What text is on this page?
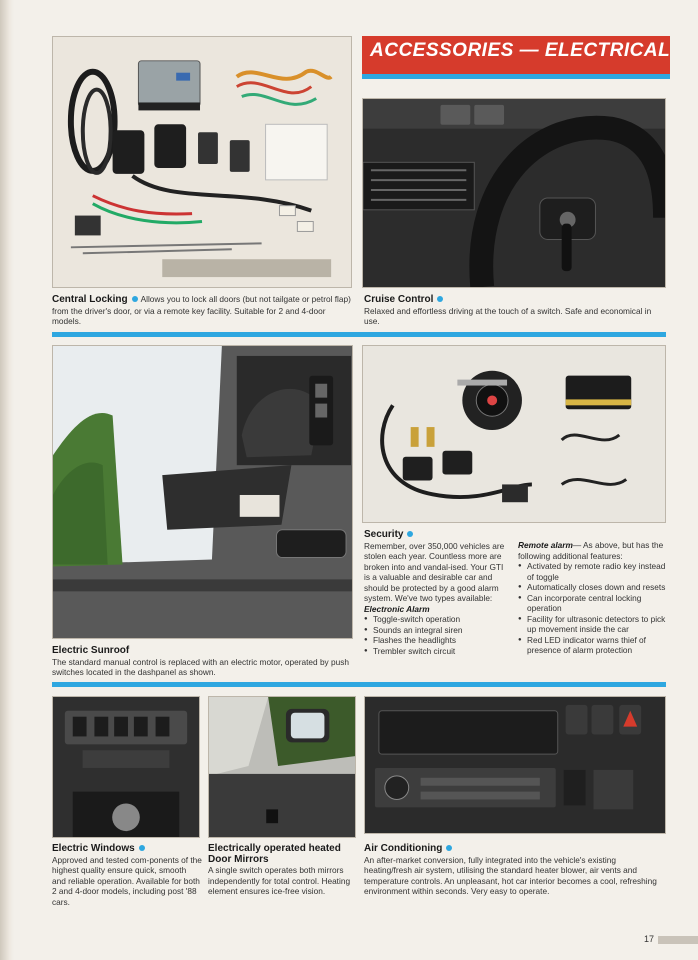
ACCESSORIES — ELECTRICAL
Central Locking Allows you to lock all doors (but not tailgate or petrol flap) from the driver's door, or via a remote key facility. Suitable for 2 and 4-door models.
Cruise Control
Relaxed and effortless driving at the touch of a switch. Safe and economical in use.
Security
Remember, over 350,000 vehicles are stolen each year. Countless more are broken into and vandal-ised. Your GTI is a valuable and desirable car and should be protected by a good alarm system. We've two types available:
Electronic Alarm
● Toggle-switch operation
● Sounds an integral siren
● Flashes the headlights
● Trembler switch circuit
Remote alarm— As above, but has the following additional features:
● Activated by remote radio key instead of toggle
● Automatically closes down and resets
● Can incorporate central locking operation
● Facility for ultrasonic detectors to pick up movement inside the car
● Red LED indicator warns thief of presence of alarm protection
Electric Sunroof
The standard manual control is replaced with an electric motor, operated by push switches located in the dashpanel as shown.
Electric Windows
Approved and tested com-ponents of the highest quality ensure quick, smooth and reliable operation. Available for both 2 and 4-door models, including post '88 cars.
Electrically operated heated Door Mirrors
A single switch operates both mirrors independently for total control. Heating element ensures ice-free vision.
Air Conditioning
An after-market conversion, fully integrated into the vehicle's existing heating/fresh air system, utilising the standard heater blower, air vents and temperature controls. An unpleasant, hot car interior becomes a cool, refreshing environment within seconds. Very easy to operate.
17
